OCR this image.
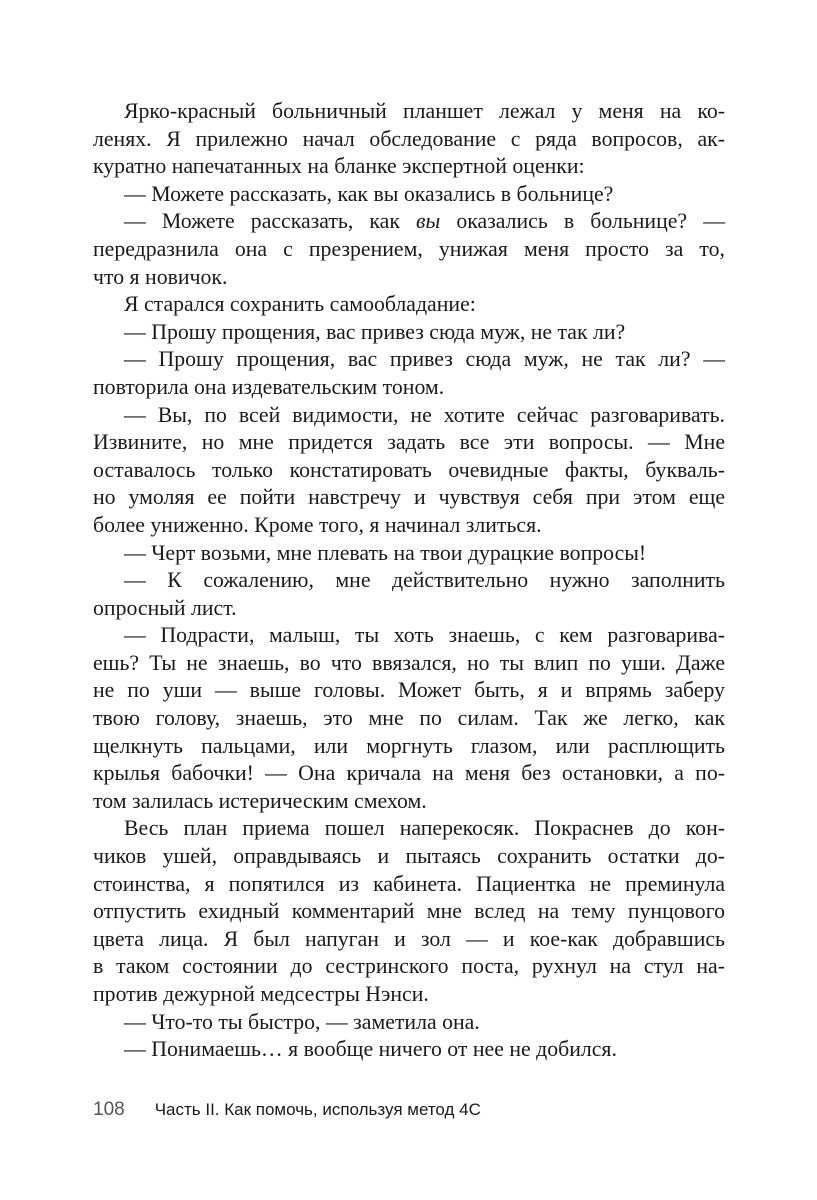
Ярко-красный больничный планшет лежал у меня на ко-
ленях. Я прилежно начал обследование с ряда вопросов, ак-
куратно напечатанных на бланке экспертной оценки:
— Можете рассказать, как вы оказались в больнице?
— Можете рассказать, как вы оказались в больнице? —
передразнила она с презрением, унижая меня просто за то,
что я новичок.
Я старался сохранить самообладание:
— Прошу прощения, вас привез сюда муж, не так ли?
— Прошу прощения, вас привез сюда муж, не так ли? —
повторила она издевательским тоном.
— Вы, по всей видимости, не хотите сейчас разговаривать.
Извините, но мне придется задать все эти вопросы. — Мне
оставалось только констатировать очевидные факты, букваль-
но умоляя ее пойти навстречу и чувствуя себя при этом еще
более униженно. Кроме того, я начинал злиться.
— Черт возьми, мне плевать на твои дурацкие вопросы!
— К сожалению, мне действительно нужно заполнить
опросный лист.
— Подрасти, малыш, ты хоть знаешь, с кем разговарива-
ешь? Ты не знаешь, во что ввязался, но ты влип по уши. Даже
не по уши — выше головы. Может быть, я и впрямь заберу
твою голову, знаешь, это мне по силам. Так же легко, как
щелкнуть пальцами, или моргнуть глазом, или расплющить
крылья бабочки! — Она кричала на меня без остановки, а по-
том залилась истерическим смехом.
Весь план приема пошел наперекосяк. Покраснев до кон-
чиков ушей, оправдываясь и пытаясь сохранить остатки до-
стоинства, я попятился из кабинета. Пациентка не преминула
отпустить ехидный комментарий мне вслед на тему пунцового
цвета лица. Я был напуган и зол — и кое-как добравшись
в таком состоянии до сестринского поста, рухнул на стул на-
против дежурной медсестры Нэнси.
— Что-то ты быстро, — заметила она.
— Понимаешь… я вообще ничего от нее не добился.
108 Часть II. Как помочь, используя метод 4С
